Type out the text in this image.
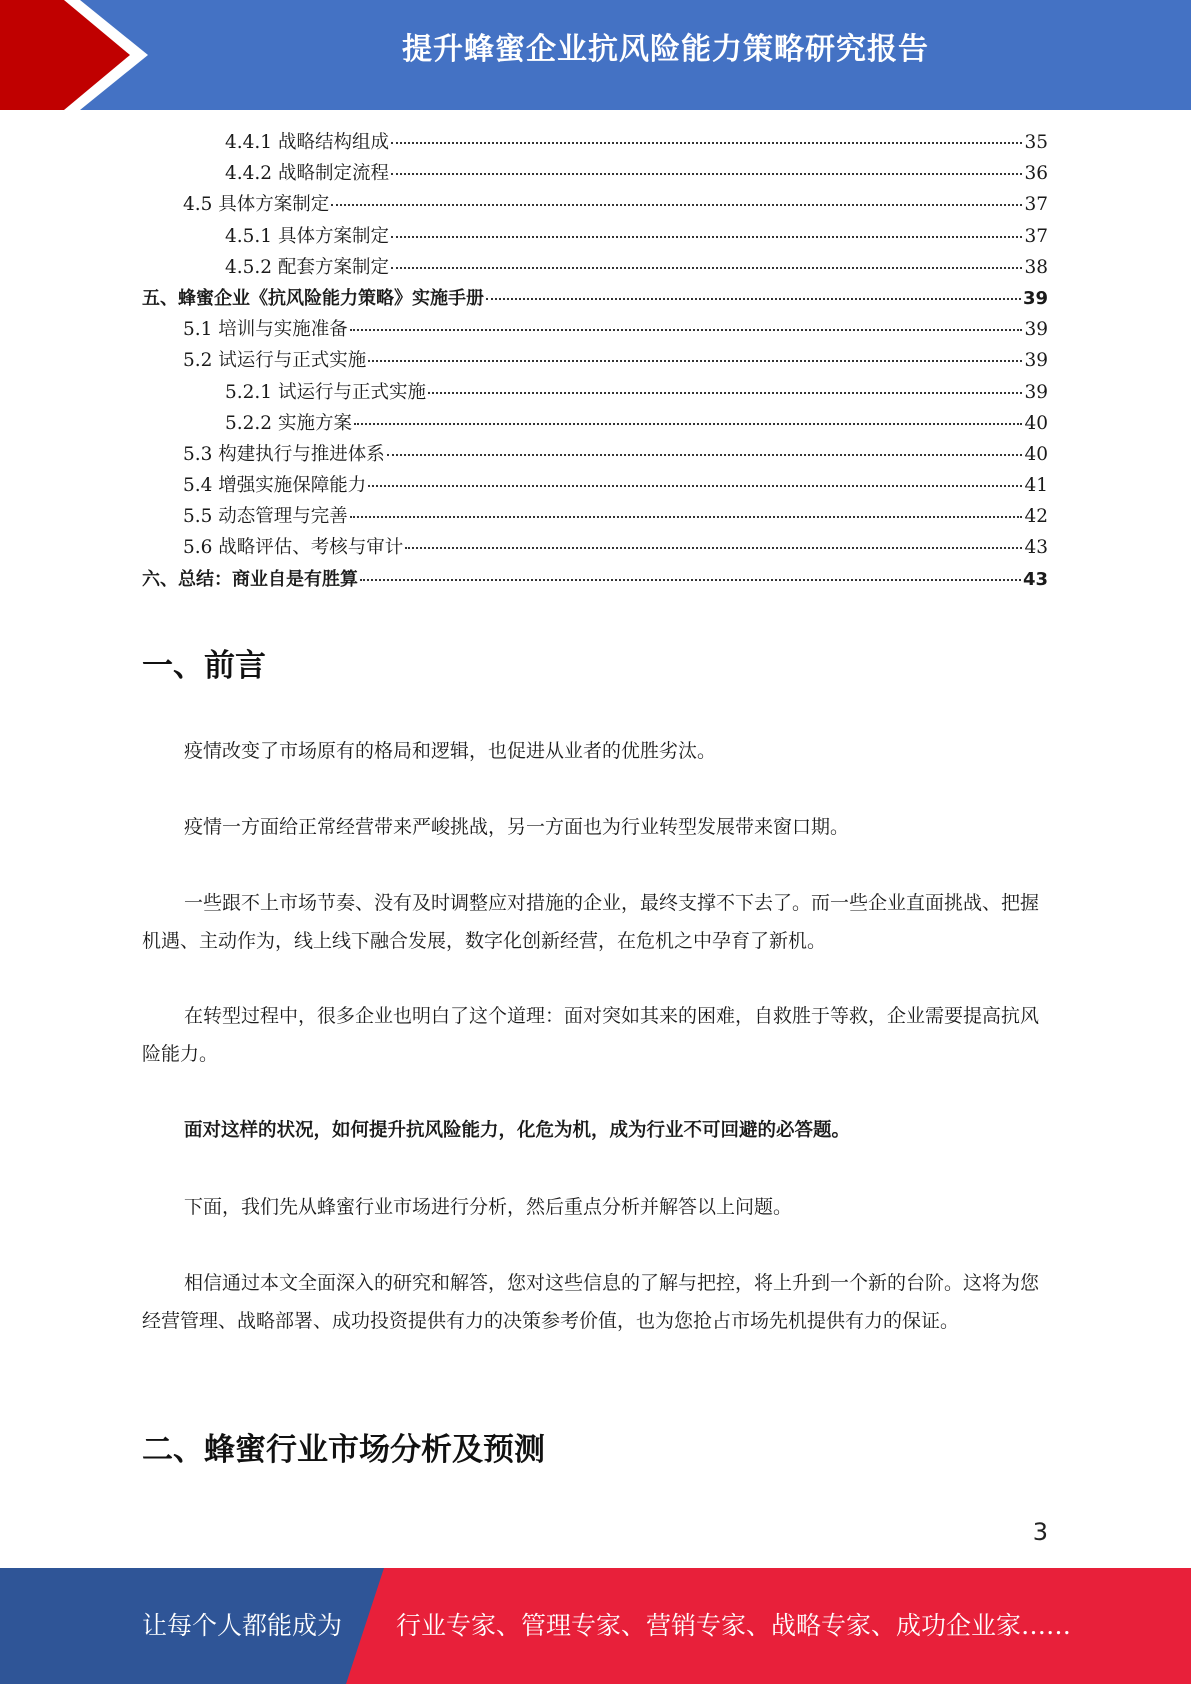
提升蜂蜜企业抗风险能力策略研究报告
4.4.1 战略结构组成	35
4.4.2 战略制定流程	36
4.5 具体方案制定	37
4.5.1 具体方案制定	37
4.5.2 配套方案制定	38
五、蜂蜜企业《抗风险能力策略》实施手册	39
5.1 培训与实施准备	39
5.2 试运行与正式实施	39
5.2.1 试运行与正式实施	39
5.2.2 实施方案	40
5.3 构建执行与推进体系	40
5.4 增强实施保障能力	41
5.5 动态管理与完善	42
5.6 战略评估、考核与审计	43
六、总结：商业自是有胜算	43
一、前言

疫情改变了市场原有的格局和逻辑，也促进从业者的优胜劣汰。

疫情一方面给正常经营带来严峻挑战，另一方面也为行业转型发展带来窗口期。

一些跟不上市场节奏、没有及时调整应对措施的企业，最终支撑不下去了。而一些企业直面挑战、把握机遇、主动作为，线上线下融合发展，数字化创新经营，在危机之中孕育了新机。

在转型过程中，很多企业也明白了这个道理：面对突如其来的困难，自救胜于等救，企业需要提高抗风险能力。

面对这样的状况，如何提升抗风险能力，化危为机，成为行业不可回避的必答题。

下面，我们先从蜂蜜行业市场进行分析，然后重点分析并解答以上问题。

相信通过本文全面深入的研究和解答，您对这些信息的了解与把控，将上升到一个新的台阶。这将为您经营管理、战略部署、成功投资提供有力的决策参考价值，也为您抢占市场先机提供有力的保证。

二、蜂蜜行业市场分析及预测
3
让每个人都能成为 行业专家、管理专家、营销专家、战略专家、成功企业家……
